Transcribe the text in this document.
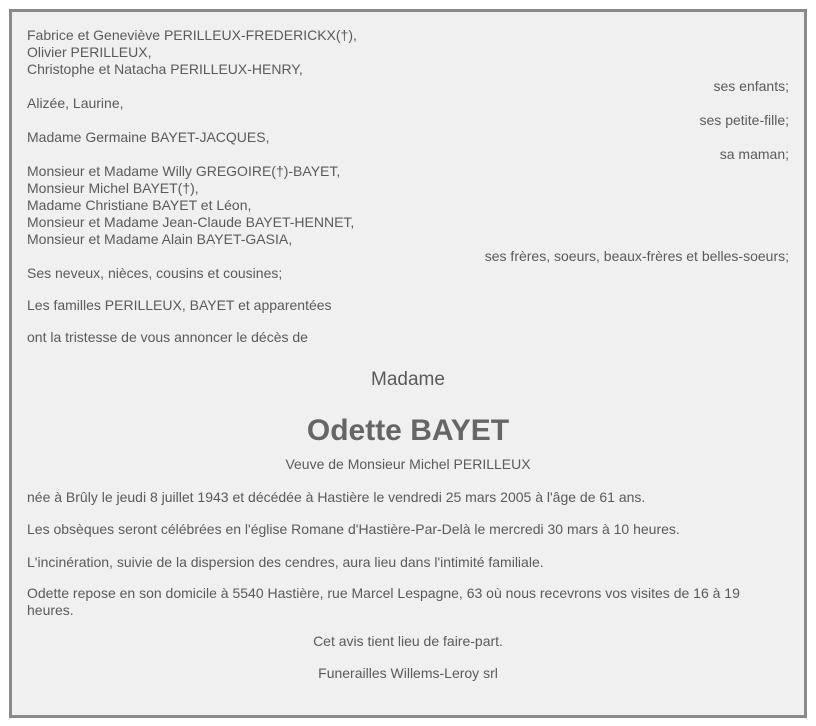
Fabrice et Geneviève PERILLEUX-FREDERICKX(†),
Olivier PERILLEUX,
Christophe et Natacha PERILLEUX-HENRY,
ses enfants;
Alizée, Laurine,
ses petite-fille;
Madame Germaine BAYET-JACQUES,
sa maman;
Monsieur et Madame Willy GREGOIRE(†)-BAYET,
Monsieur Michel BAYET(†),
Madame Christiane BAYET et Léon,
Monsieur et Madame Jean-Claude BAYET-HENNET,
Monsieur et Madame Alain BAYET-GASIA,
ses frères, soeurs, beaux-frères et belles-soeurs;
Ses neveux, nièces, cousins et cousines;
Les familles PERILLEUX, BAYET et apparentées
ont la tristesse de vous annoncer le décès de
Madame
Odette BAYET
Veuve de Monsieur Michel PERILLEUX
née à Brûly le jeudi 8 juillet 1943 et décédée à Hastière le vendredi 25 mars 2005 à l'âge de 61 ans.
Les obsèques seront célébrées en l'église Romane d'Hastière-Par-Delà le mercredi 30 mars à 10 heures.
L'incinération, suivie de la dispersion des cendres, aura lieu dans l'intimité familiale.
Odette repose en son domicile à 5540 Hastière, rue Marcel Lespagne, 63 où nous recevrons vos visites de 16 à 19 heures.
Cet avis tient lieu de faire-part.
Funerailles Willems-Leroy srl
